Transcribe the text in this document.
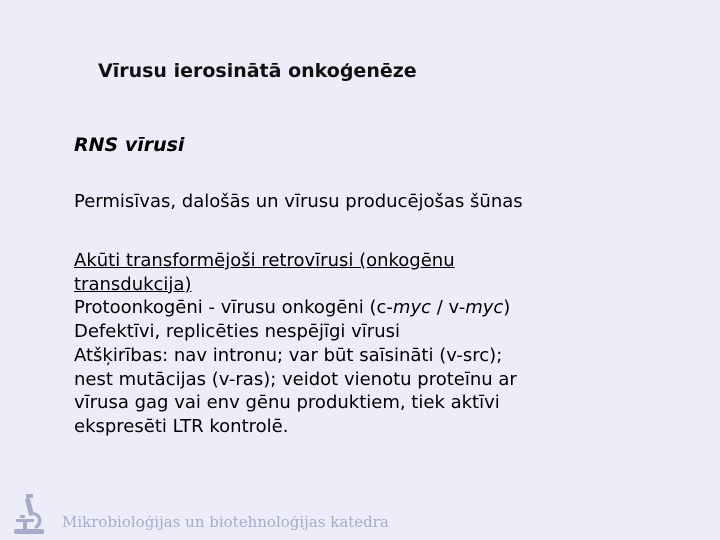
Vīrusu ierosinātā onkoģenēze
RNS vīrusi
Permisīvas, dalošās un vīrusu producējošas šūnas
Akūti transformējoši retrovīrusi (onkogēnu
transdukcija)
Protoonkogēni - vīrusu onkogēni (c-myc / v-myc)
Defektīvi, replicēties nespējīgi vīrusi
Atšķirības: nav intronu; var būt saīsināti (v-src);
nest mutācijas (v-ras); veidot vienotu proteīnu ar
vīrusa gag vai env gēnu produktiem, tiek aktīvi
ekspresēti LTR kontrolē.
Mikrobioloģijas un biotehnoloģijas katedra
